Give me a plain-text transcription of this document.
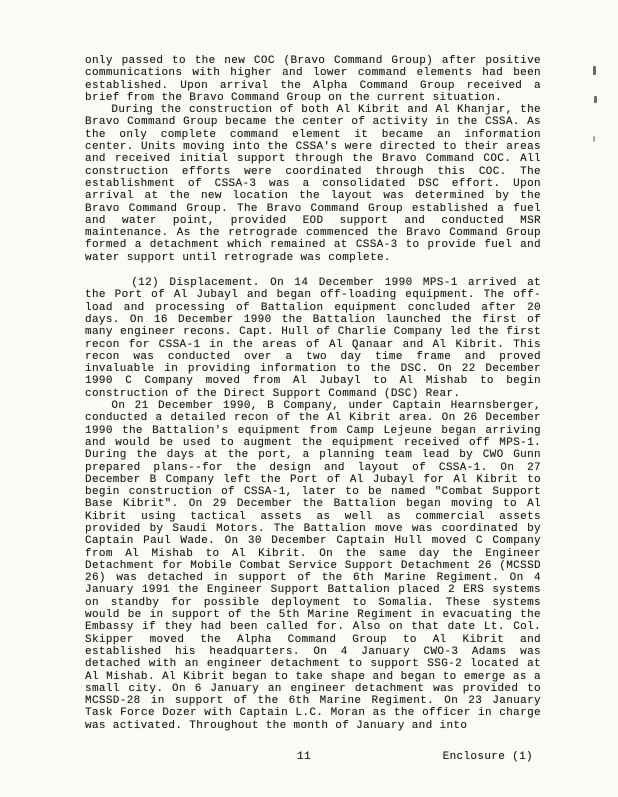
only passed to the new COC (Bravo Command Group) after positive communications with higher and lower command elements had been established. Upon arrival the Alpha Command Group received a brief from the Bravo Command Group on the current situation.

During the construction of both Al Kibrit and Al Khanjar, the Bravo Command Group became the center of activity in the CSSA. As the only complete command element it became an information center. Units moving into the CSSA's were directed to their areas and received initial support through the Bravo Command COC. All construction efforts were coordinated through this COC. The establishment of CSSA-3 was a consolidated DSC effort. Upon arrival at the new location the layout was determined by the Bravo Command Group. The Bravo Command Group established a fuel and water point, provided EOD support and conducted MSR maintenance. As the retrograde commenced the Bravo Command Group formed a detachment which remained at CSSA-3 to provide fuel and water support until retrograde was complete.

(12) Displacement. On 14 December 1990 MPS-1 arrived at the Port of Al Jubayl and began off-loading equipment. The off-load and processing of Battalion equipment concluded after 20 days. On 16 December 1990 the Battalion launched the first of many engineer recons. Capt. Hull of Charlie Company led the first recon for CSSA-1 in the areas of Al Qanaar and Al Kibrit. This recon was conducted over a two day time frame and proved invaluable in providing information to the DSC. On 22 December 1990 C Company moved from Al Jubayl to Al Mishab to begin construction of the Direct Support Command (DSC) Rear.

On 21 December 1990, B Company, under Captain Hearnsberger, conducted a detailed recon of the Al Kibrit area. On 26 December 1990 the Battalion's equipment from Camp Lejeune began arriving and would be used to augment the equipment received off MPS-1. During the days at the port, a planning team lead by CWO Gunn prepared plans--for the design and layout of CSSA-1. On 27 December B Company left the Port of Al Jubayl for Al Kibrit to begin construction of CSSA-1, later to be named "Combat Support Base Kibrit". On 29 December the Battalion began moving to Al Kibrit using tactical assets as well as commercial assets provided by Saudi Motors. The Battalion move was coordinated by Captain Paul Wade. On 30 December Captain Hull moved C Company from Al Mishab to Al Kibrit. On the same day the Engineer Detachment for Mobile Combat Service Support Detachment 26 (MCSSD 26) was detached in support of the 6th Marine Regiment. On 4 January 1991 the Engineer Support Battalion placed 2 ERS systems on standby for possible deployment to Somalia. These systems would be in support of the 5th Marine Regiment in evacuating the Embassy if they had been called for. Also on that date Lt. Col. Skipper moved the Alpha Command Group to Al Kibrit and established his headquarters. On 4 January CWO-3 Adams was detached with an engineer detachment to support SSG-2 located at Al Mishab. Al Kibrit began to take shape and began to emerge as a small city. On 6 January an engineer detachment was provided to MCSSD-28 in support of the 6th Marine Regiment. On 23 January Task Force Dozer with Captain L.C. Moran as the officer in charge was activated. Throughout the month of January and into

11	Enclosure (1)
